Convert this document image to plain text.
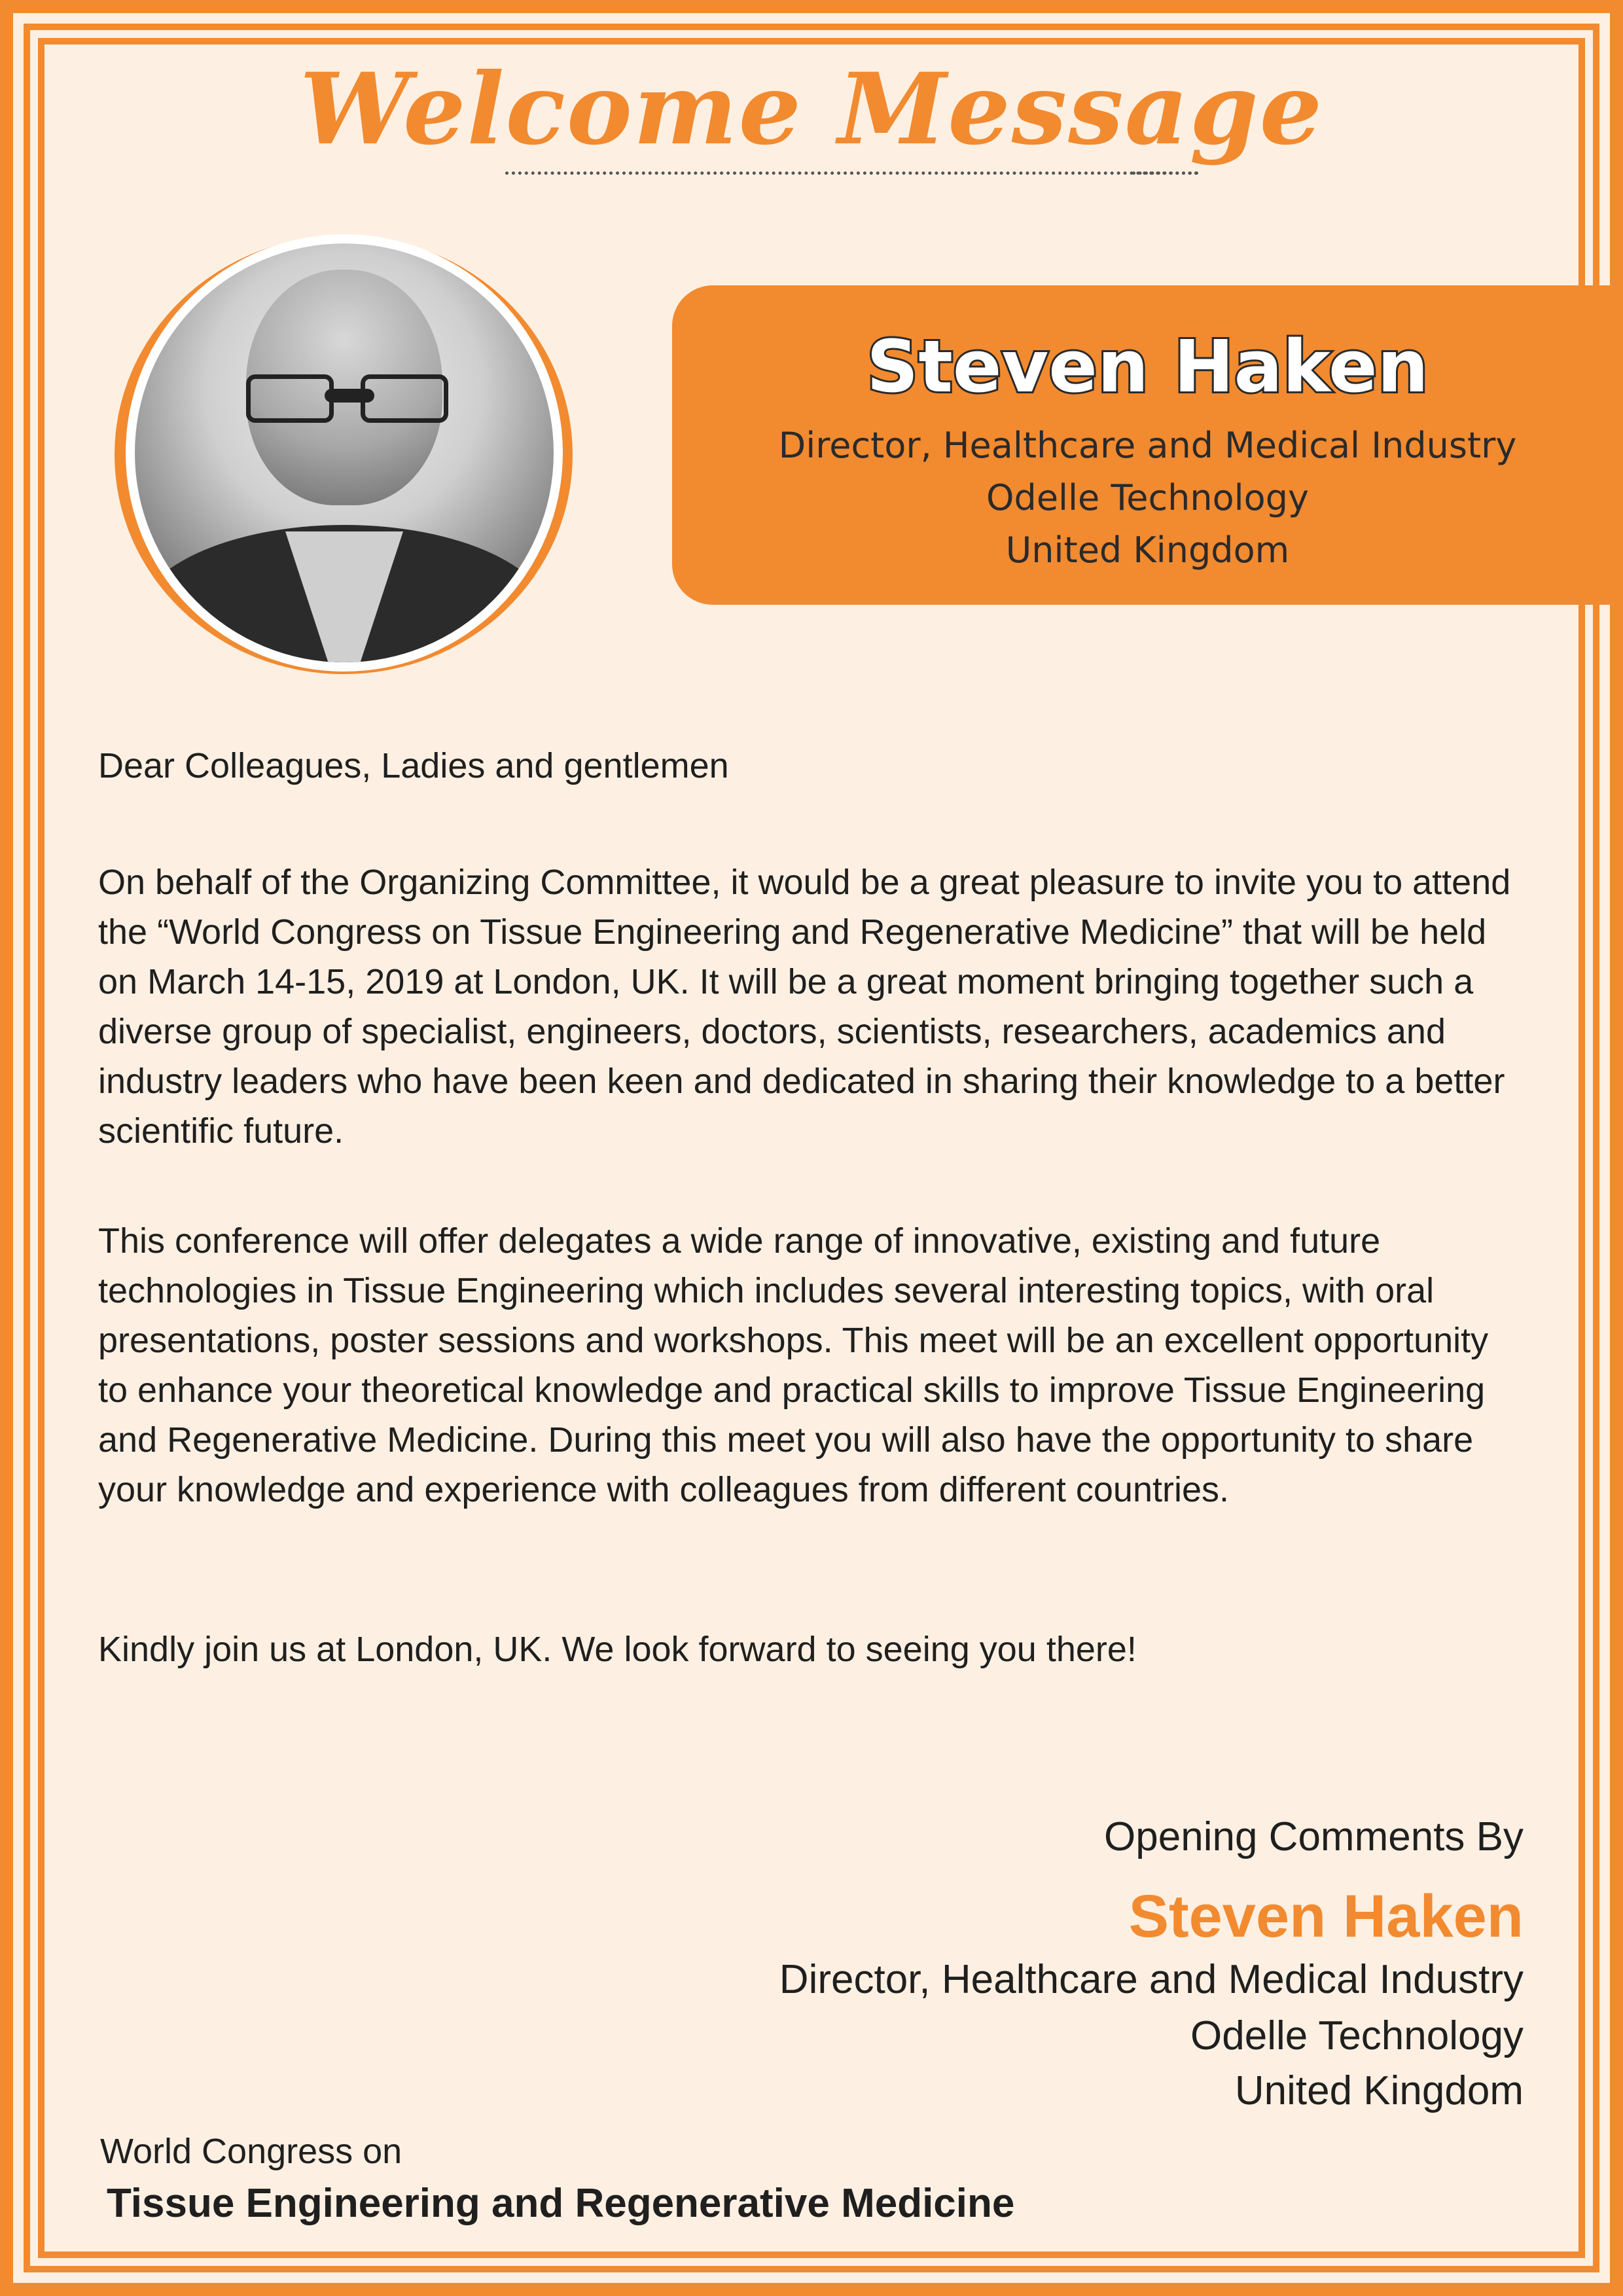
Welcome Message
Steven Haken
Director, Healthcare and Medical Industry
Odelle Technology
United Kingdom
Dear Colleagues, Ladies and gentlemen
On behalf of the Organizing Committee, it would be a great pleasure to invite you to attend the “World Congress on Tissue Engineering and Regenerative Medicine” that will be held on March 14-15, 2019 at London, UK. It will be a great moment bringing together such a diverse group of specialist, engineers, doctors, scientists, researchers, academics and industry leaders who have been keen and dedicated in sharing their knowledge to a better scientific future.
This conference will offer delegates a wide range of innovative, existing and future technologies in Tissue Engineering which includes several interesting topics, with oral presentations, poster sessions and workshops. This meet will be an excellent opportunity to enhance your theoretical knowledge and practical skills to improve Tissue Engineering and Regenerative Medicine. During this meet you will also have the opportunity to share your knowledge and experience with colleagues from different countries.
Kindly join us at London, UK. We look forward to seeing you there!
Opening Comments By
Steven Haken
Director, Healthcare and Medical Industry
Odelle Technology
United Kingdom
World Congress on
Tissue Engineering and Regenerative Medicine
